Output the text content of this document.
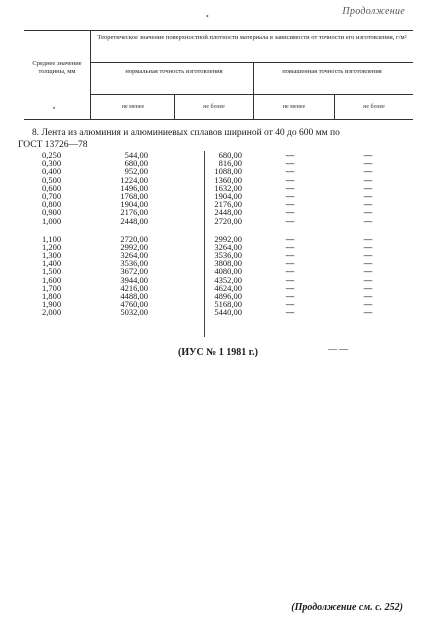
Продолжение
•
Среднее значение толщины, мм
Теоретическое значение поверхностной плотности материала в зависимости от точности его изготовления, г/м²
нормальная точность изготовления	повышенная точность изготовления
не менее	не более	не менее	не более
»
8. Лента из алюминия и алюминиевых сплавов шириной от 40 до 600 мм по
ГОСТ 13726—78
0,250	544,00	680,00	—	—
0,300	680,00	816,00	—	—
0,400	952,00	1088,00	—	—
0,500	1224,00	1360,00	—	—
0,600	1496,00	1632,00	—	—
0,700	1768,00	1904,00	—	—
0,800	1904,00	2176,00	—	—
0,900	2176,00	2448,00	—	—
1,000	2448,00	2720,00	—	—
1,100	2720,00	2992,00	—	—
1,200	2992,00	3264,00	—	—
1,300	3264,00	3536,00	—	—
1,400	3536,00	3808,00	—	—
1,500	3672,00	4080,00	—	—
1,600	3944,00	4352,00	—	—
1,700	4216,00	4624,00	—	—
1,800	4488,00	4896,00	—	—
1,900	4760,00	5168,00	—	—
2,000	5032,00	5440,00	—	—
(ИУС № 1 1981 г.)	— —
(Продолжение см. с. 252)
